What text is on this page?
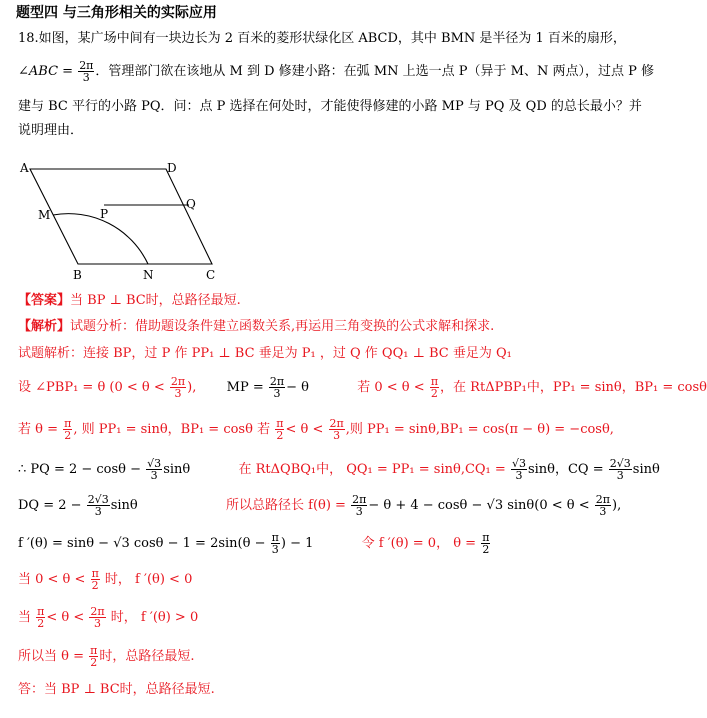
题型四 与三角形相关的实际应用
18.如图，某广场中间有一块边长为 2 百米的菱形状绿化区 ABCD，其中 BMN 是半径为 1 百米的扇形，
∠ABC = $\frac{2\pi}{3}$ ．管理部门欲在该地从 M 到 D 修建小路：在弧 MN 上选一点 P（异于 M、N 两点），过点 P 修
建与 BC 平行的小路 PQ．问：点 P 选择在何处时，才能使得修建的小路 MP 与 PQ 及 QD 的总长最小？并
说明理由．
A	D
M	P
Q
B	N	C
【答案】当 BP ⊥ BC时，总路径最短.
【解析】试题分析：借助题设条件建立函数关系,再运用三角变换的公式求解和探求.
试题解析：连接 BP，过 P 作 PP₁ ⊥ BC 垂足为 P₁ ，过 Q 作 QQ₁ ⊥ BC 垂足为 Q₁
设 ∠PBP₁ = θ ($0 < \theta < \frac{2\pi}{3}$ ), MP = $\frac{2\pi}{3} - \theta$	若 $0 < \theta < \frac{\pi}{2}$ ，在 RtΔPBP₁中，PP₁ = sinθ，BP₁ = cosθ
若 $\theta = \frac{\pi}{2}$ , 则 PP₁ = sinθ，BP₁ = cosθ 若 $\frac{\pi}{2} < \theta < \frac{2\pi}{3}$ ,则 PP₁ = sinθ,BP₁ = cos(π − θ) = −cosθ,
∴ PQ = $2 - \cos\theta - \frac{√3}{3}$ sinθ	在 RtΔQBQ₁中， $QQ_1 = PP_1 = \sin\theta,CQ_1 = \frac{√3}{3}$ sinθ，CQ = $\frac{2√3}{3}$ sinθ
DQ = $2 - \frac{2√3}{3}$ sinθ	所以总路径长 $f(\theta) = \frac{2\pi}{3} - \theta + 4 - \cos\theta - √3$ $\sin\theta(0 < \theta < \frac{2\pi}{3}$ ),
f ′(θ) = sinθ − √3 $\cos\theta - 1 = 2\sin(\theta - \frac{\pi}{3}$ ) − 1	令 f ′(θ) = 0， $\theta = \frac{\pi}{2}$
当 $0 < \theta < \frac{\pi}{2}$ 时， f ′(θ) < 0
当 $\frac{\pi}{2} < \theta < \frac{2\pi}{3}$ 时， f ′(θ) > 0
所以当 $\theta = \frac{\pi}{2}$ 时，总路径最短.
答：当 BP ⊥ BC时，总路径最短.
